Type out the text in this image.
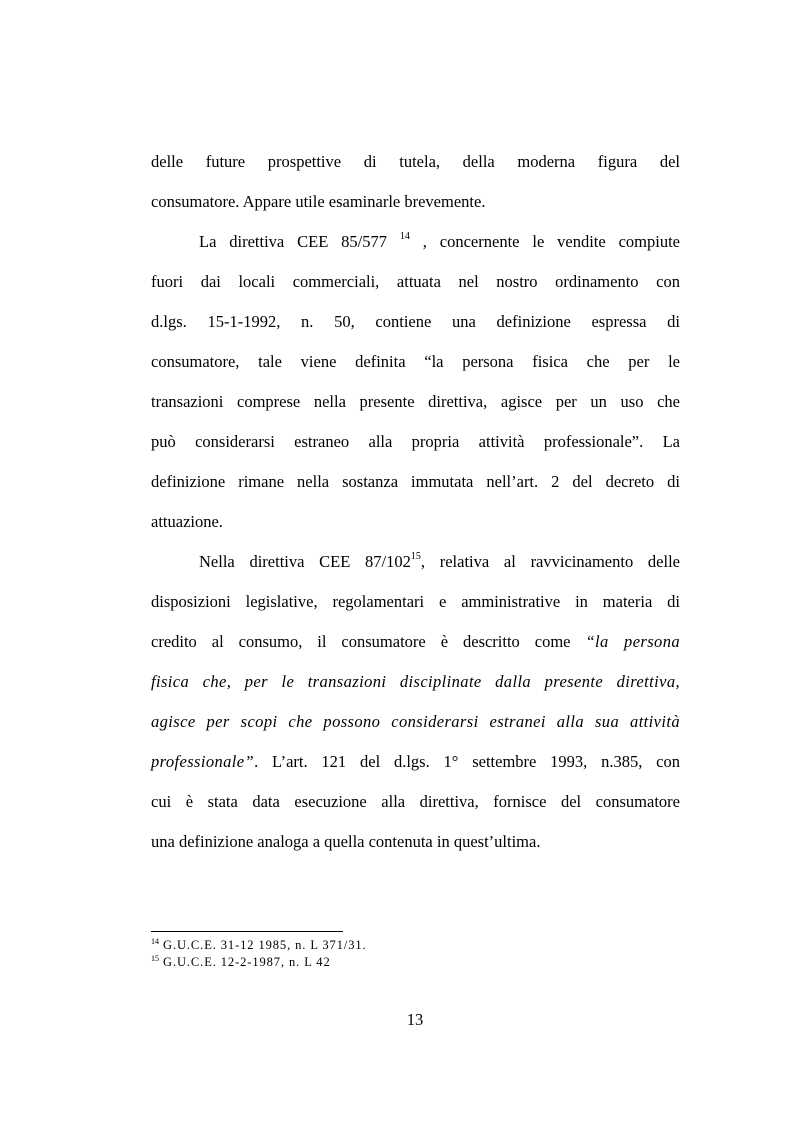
delle future prospettive di tutela, della moderna figura del
consumatore. Appare utile esaminarle brevemente.
La direttiva CEE 85/577 $^{14}$ , concernente le vendite compiute
fuori dai locali commerciali, attuata nel nostro ordinamento con
d.lgs. 15-1-1992, n. 50, contiene una definizione espressa di
consumatore, tale viene definita “la persona fisica che per le
transazioni comprese nella presente direttiva, agisce per un uso che
può considerarsi estraneo alla propria attività professionale”. La
definizione rimane nella sostanza immutata nell’art. 2 del decreto di
attuazione.
Nella direttiva CEE $87/102^{15}$, relativa al ravvicinamento delle
disposizioni legislative, regolamentari e amministrative in materia di
credito al consumo, il consumatore è descritto come “la persona
fisica che, per le transazioni disciplinate dalla presente direttiva,
agisce per scopi che possono considerarsi estranei alla sua attività
professionale”. L’art. 121 del d.lgs. 1° settembre 1993, n.385, con
cui è stata data esecuzione alla direttiva, fornisce del consumatore
una definizione analoga a quella contenuta in quest’ultima.
$^{14}$ G.U.C.E. 31-12 1985, n. L 371/31.
$^{15}$ G.U.C.E. 12-2-1987, n. L 42
13
